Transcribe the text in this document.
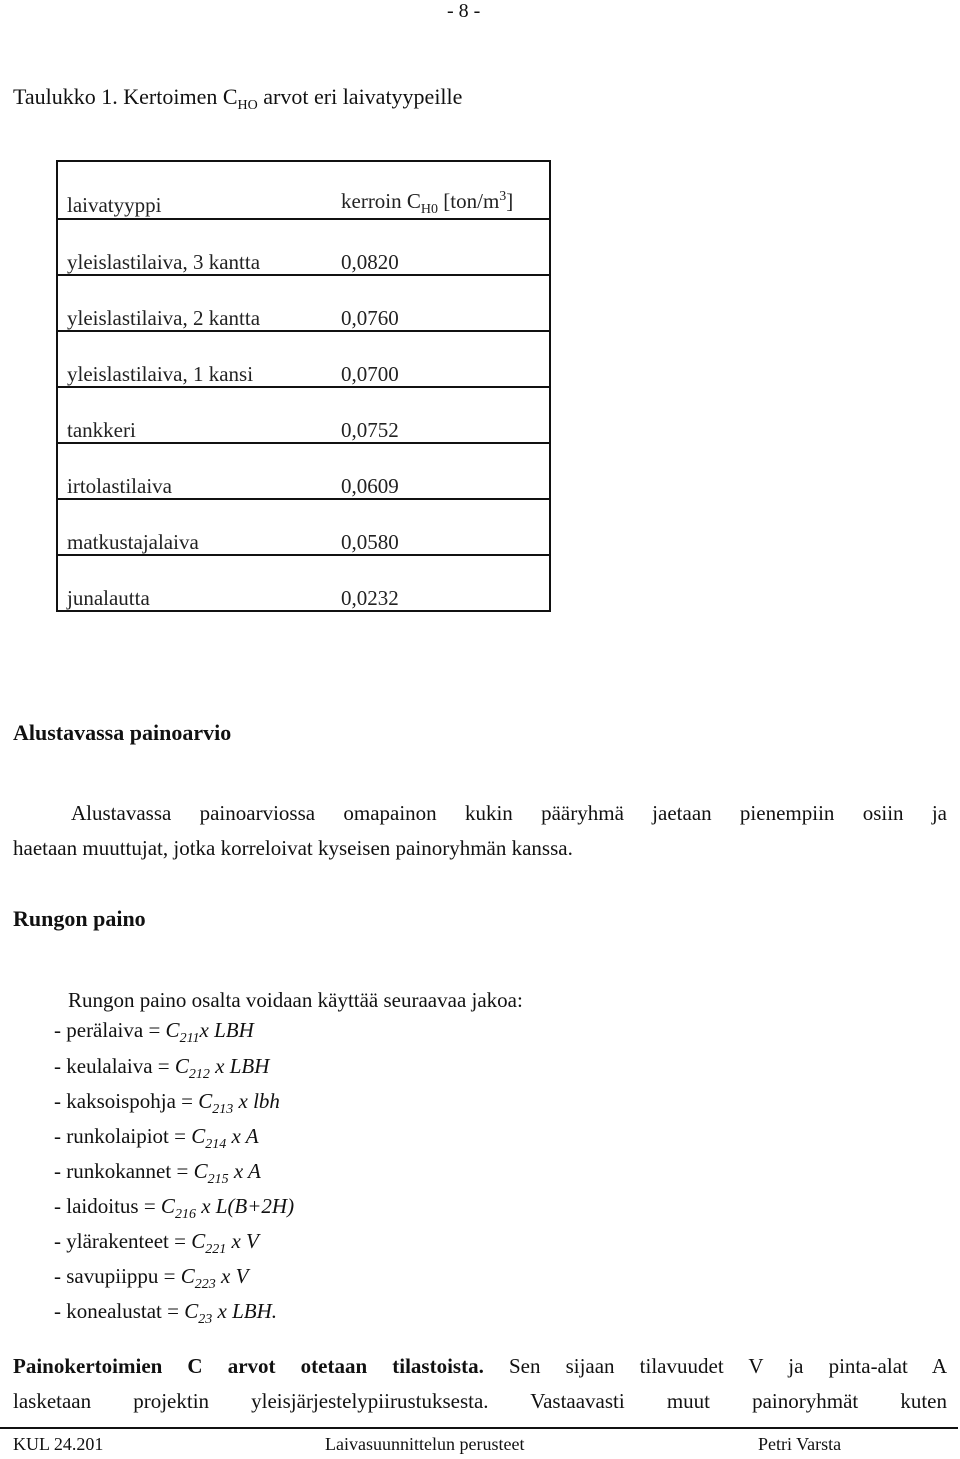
- 8 -
Taulukko 1. Kertoimen $C_{HO}$ arvot eri laivatyypeille
laivatyyppi	kerroin $C_{H0}$ $[ton/m^3]$
yleislastilaiva, 3 kantta	0,0820
yleislastilaiva, 2 kantta	0,0760
yleislastilaiva, 1 kansi	0,0700
tankkeri	0,0752
irtolastilaiva	0,0609
matkustajalaiva	0,0580
junalautta	0,0232
Alustavassa painoarvio
Alustavassa painoarviossa omapainon kukin pääryhmä jaetaan pienempiin osiin ja
haetaan muuttujat, jotka korreloivat kyseisen painoryhmän kanssa.
Rungon paino
Rungon paino osalta voidaan käyttää seuraavaa jakoa:
- perälaiva = $C_{211}x$ LBH
- keulalaiva = $C_{212}$ x LBH
- kaksoispohja = $C_{213}$ x lbh
- runkolaipiot = $C_{214}$ x A
- runkokannet = $C_{215}$ x A
- laidoitus = $C_{216}$ x L(B+2H)
- ylärakenteet = $C_{221}$ x V
- savupiippu = $C_{223}$ x V
- konealustat = $C_{23}$ x LBH.
Painokertoimien C arvot otetaan tilastoista. Sen sijaan tilavuudet V ja pinta-alat A
lasketaan projektin yleisjärjestelypiirustuksesta. Vastaavasti muut painoryhmät kuten
KUL 24.201	Laivasuunnittelun perusteet	Petri Varsta
